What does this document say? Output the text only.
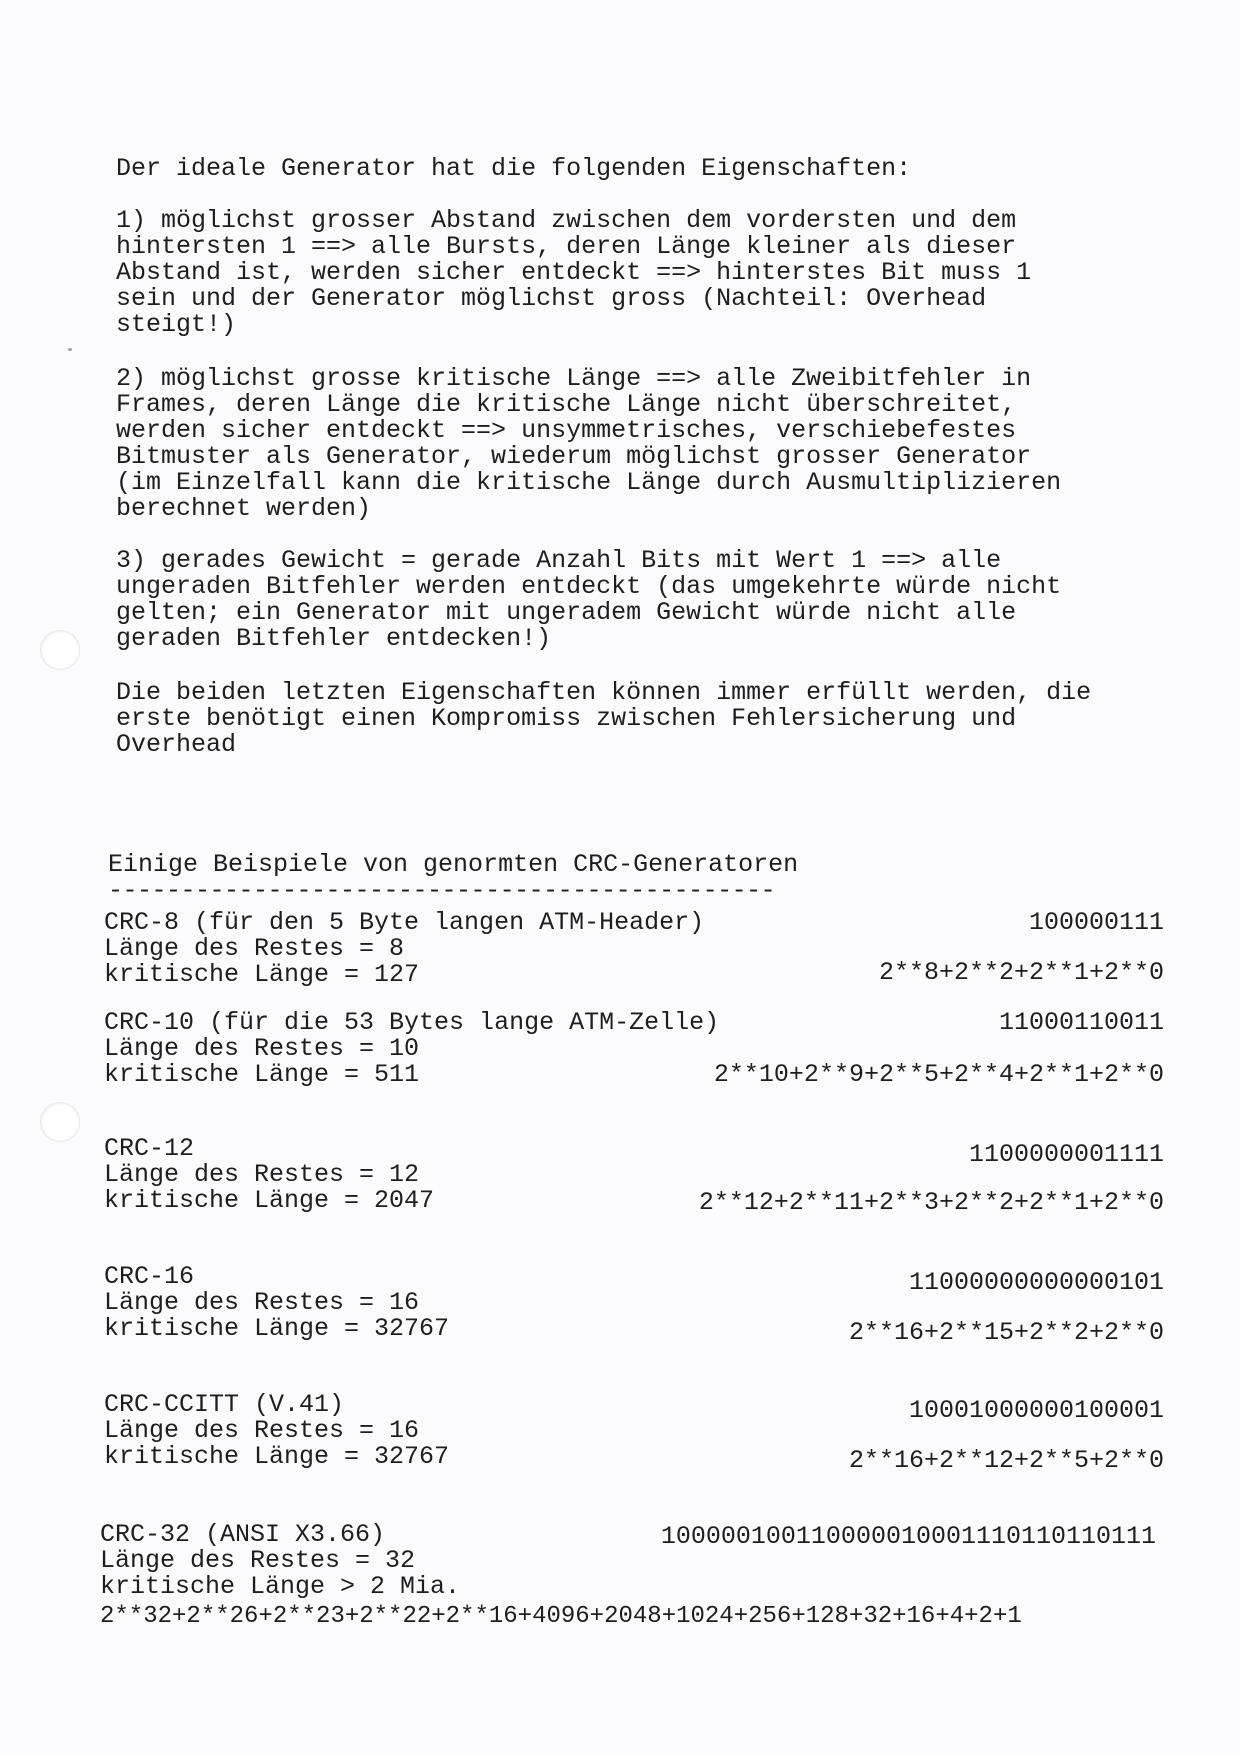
Der ideale Generator hat die folgenden Eigenschaften:
1) möglichst grosser Abstand zwischen dem vordersten und dem
hintersten 1 ==> alle Bursts, deren Länge kleiner als dieser
Abstand ist, werden sicher entdeckt ==> hinterstes Bit muss 1
sein und der Generator möglichst gross (Nachteil: Overhead
steigt!)
2) möglichst grosse kritische Länge ==> alle Zweibitfehler in
Frames, deren Länge die kritische Länge nicht überschreitet,
werden sicher entdeckt ==> unsymmetrisches, verschiebefestes
Bitmuster als Generator, wiederum möglichst grosser Generator
(im Einzelfall kann die kritische Länge durch Ausmultiplizieren
berechnet werden)
3) gerades Gewicht = gerade Anzahl Bits mit Wert 1 ==> alle
ungeraden Bitfehler werden entdeckt (das umgekehrte würde nicht
gelten; ein Generator mit ungeradem Gewicht würde nicht alle
geraden Bitfehler entdecken!)
Die beiden letzten Eigenschaften können immer erfüllt werden, die
erste benötigt einen Kompromiss zwischen Fehlersicherung und
Overhead
Einige Beispiele von genormten CRC-Generatoren
----------------------------------------------
CRC-8 (für den 5 Byte langen ATM-Header)
Länge des Restes = 8
kritische Länge = 127
100000111
2**8+2**2+2**1+2**0
CRC-10 (für die 53 Bytes lange ATM-Zelle)
Länge des Restes = 10
kritische Länge = 511
11000110011
2**10+2**9+2**5+2**4+2**1+2**0
CRC-12
Länge des Restes = 12
kritische Länge = 2047
1100000001111
2**12+2**11+2**3+2**2+2**1+2**0
CRC-16
Länge des Restes = 16
kritische Länge = 32767
11000000000000101
2**16+2**15+2**2+2**0
CRC-CCITT (V.41)
Länge des Restes = 16
kritische Länge = 32767
10001000000100001
2**16+2**12+2**5+2**0
CRC-32 (ANSI X3.66)
Länge des Restes = 32
kritische Länge > 2 Mia.
100000100110000010001110110110111
2**32+2**26+2**23+2**22+2**16+4096+2048+1024+256+128+32+16+4+2+1
